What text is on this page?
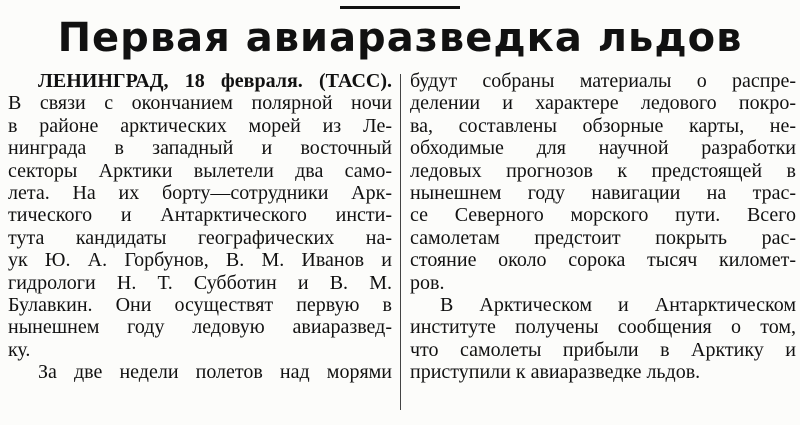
Первая авиаразведка льдов
ЛЕНИНГРАД, 18 февраля. (ТАСС).
В связи с окончанием полярной ночи
в районе арктических морей из Ле-
нинграда в западный и восточный
секторы Арктики вылетели два само-
лета. На их борту—сотрудники Арк-
тического и Антарктического инсти-
тута кандидаты географических на-
ук Ю. А. Горбунов, В. М. Иванов и
гидрологи Н. Т. Субботин и В. М.
Булавкин. Они осуществят первую в
нынешнем году ледовую авиаразвед-
ку.
За две недели полетов над морями
будут собраны материалы о распре-
делении и характере ледового покро-
ва, составлены обзорные карты, не-
обходимые для научной разработки
ледовых прогнозов к предстоящей в
нынешнем году навигации на трас-
се Северного морского пути. Всего
самолетам предстоит покрыть рас-
стояние около сорока тысяч километ-
ров.
В Арктическом и Антарктическом
институте получены сообщения о том,
что самолеты прибыли в Арктику и
приступили к авиаразведке льдов.
